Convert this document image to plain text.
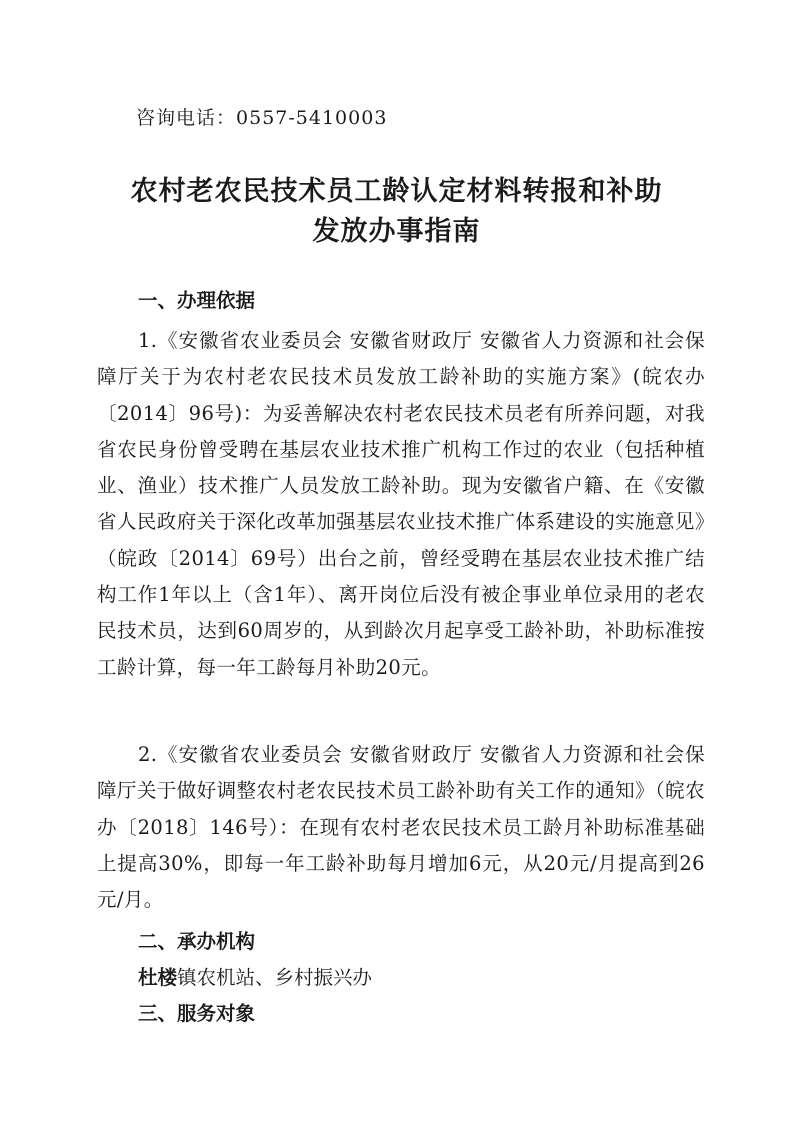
咨询电话：0557-5410003
农村老农民技术员工龄认定材料转报和补助
发放办事指南
一、办理依据
1.《安徽省农业委员会 安徽省财政厅 安徽省人力资源和社会保障厅关于为农村老农民技术员发放工龄补助的实施方案》(皖农办〔2014〕96号)：为妥善解决农村老农民技术员老有所养问题，对我省农民身份曾受聘在基层农业技术推广机构工作过的农业（包括种植业、渔业）技术推广人员发放工龄补助。现为安徽省户籍、在《安徽省人民政府关于深化改革加强基层农业技术推广体系建设的实施意见》（皖政〔2014〕69号）出台之前，曾经受聘在基层农业技术推广结构工作1年以上（含1年）、离开岗位后没有被企事业单位录用的老农民技术员，达到60周岁的，从到龄次月起享受工龄补助，补助标准按工龄计算，每一年工龄每月补助20元。
2.《安徽省农业委员会 安徽省财政厅 安徽省人力资源和社会保障厅关于做好调整农村老农民技术员工龄补助有关工作的通知》（皖农办〔2018〕146号）：在现有农村老农民技术员工龄月补助标准基础上提高30%，即每一年工龄补助每月增加6元，从20元/月提高到26元/月。
二、承办机构
杜楼镇农机站、乡村振兴办
三、服务对象
